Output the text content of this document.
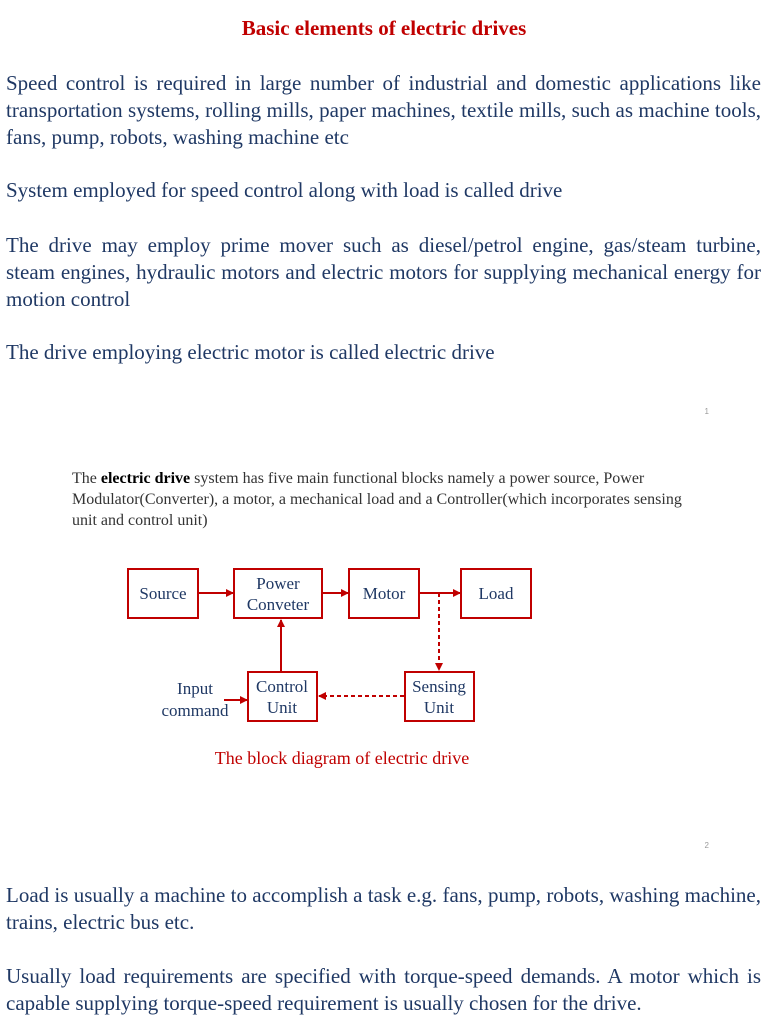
Basic elements of electric drives

Speed control is required in large number of industrial and domestic applications like transportation systems, rolling mills, paper machines, textile mills, such as machine tools, fans, pump, robots, washing machine etc

System employed for speed control along with load is called drive

The drive may employ prime mover such as diesel/petrol engine, gas/steam turbine, steam engines, hydraulic motors and electric motors for supplying mechanical energy for motion control

The drive employing electric motor is called electric drive

1

The electric drive system has five main functional blocks namely a power source, Power Modulator(Converter), a motor, a mechanical load and a Controller(which incorporates sensing unit and control unit)

Source
Power
Conveter
Motor	Load
Control
Unit
Sensing
Unit
Input
command

The block diagram of electric drive

2

Load is usually a machine to accomplish a task e.g. fans, pump, robots, washing machine, trains, electric bus etc.

Usually load requirements are specified with torque-speed demands. A motor which is capable supplying torque-speed requirement is usually chosen for the drive.
